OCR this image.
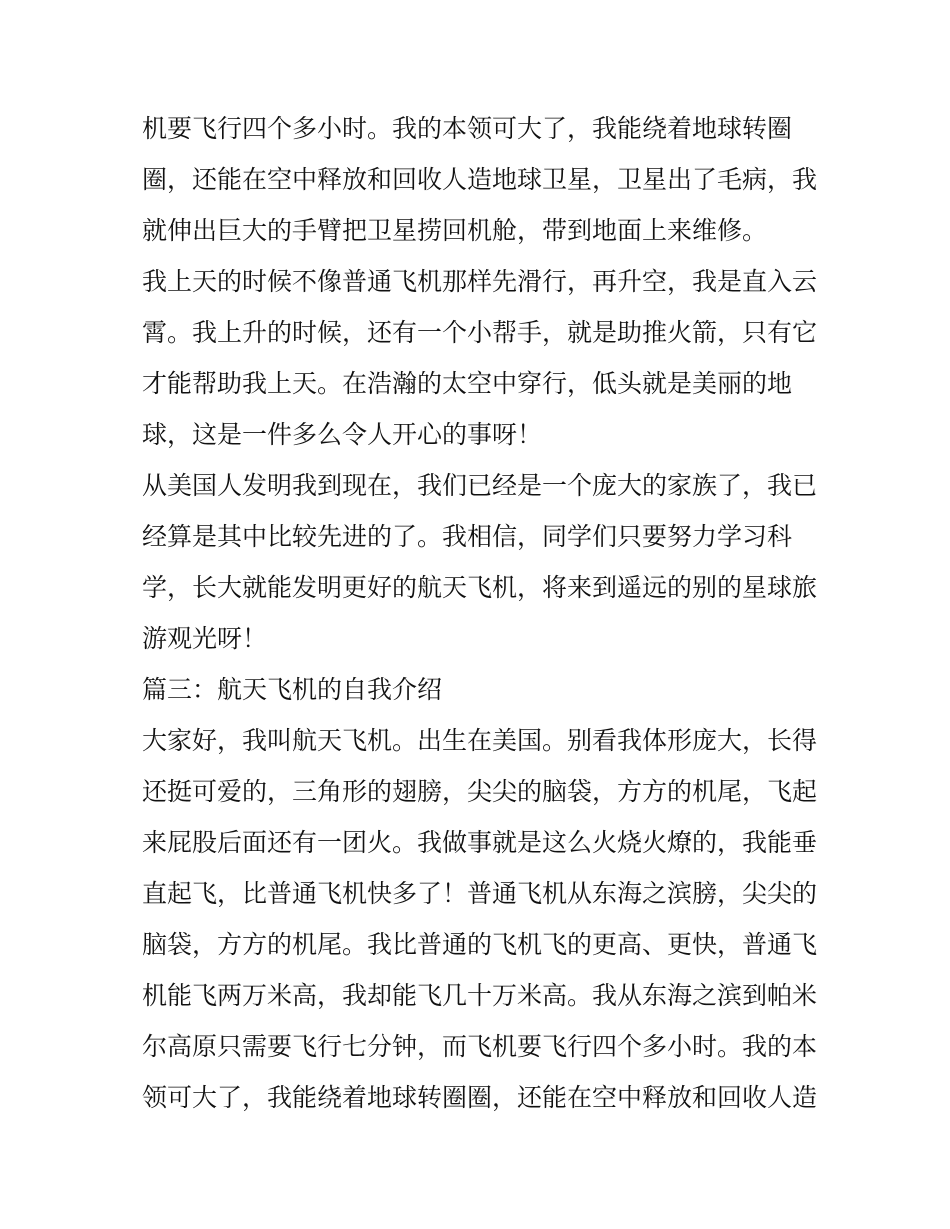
机要飞行四个多小时。我的本领可大了，我能绕着地球转圈
圈，还能在空中释放和回收人造地球卫星，卫星出了毛病，我
就伸出巨大的手臂把卫星捞回机舱，带到地面上来维修。
我上天的时候不像普通飞机那样先滑行，再升空，我是直入云
霄。我上升的时候，还有一个小帮手，就是助推火箭，只有它
才能帮助我上天。在浩瀚的太空中穿行，低头就是美丽的地
球，这是一件多么令人开心的事呀！
从美国人发明我到现在，我们已经是一个庞大的家族了，我已
经算是其中比较先进的了。我相信，同学们只要努力学习科
学，长大就能发明更好的航天飞机，将来到遥远的别的星球旅
游观光呀！
篇三：航天飞机的自我介绍
大家好，我叫航天飞机。出生在美国。别看我体形庞大，长得
还挺可爱的，三角形的翅膀，尖尖的脑袋，方方的机尾，飞起
来屁股后面还有一团火。我做事就是这么火烧火燎的，我能垂
直起飞，比普通飞机快多了！普通飞机从东海之滨膀，尖尖的
脑袋，方方的机尾。我比普通的飞机飞的更高、更快，普通飞
机能飞两万米高，我却能飞几十万米高。我从东海之滨到帕米
尔高原只需要飞行七分钟，而飞机要飞行四个多小时。我的本
领可大了，我能绕着地球转圈圈，还能在空中释放和回收人造
